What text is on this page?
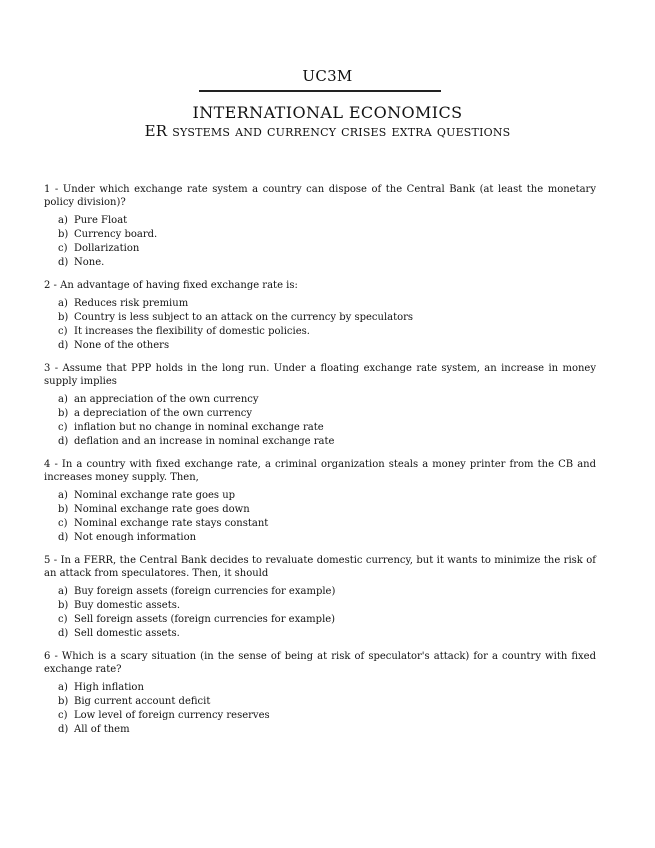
UC3M
INTERNATIONAL ECONOMICS
ER systems and currency crises extra questions

1 - Under which exchange rate system a country can dispose of the Central Bank (at least the monetary policy division)?

a) Pure Float
b) Currency board.
c) Dollarization
d) None.

2 - An advantage of having fixed exchange rate is:

a) Reduces risk premium
b) Country is less subject to an attack on the currency by speculators
c) It increases the flexibility of domestic policies.
d) None of the others

3 - Assume that PPP holds in the long run. Under a floating exchange rate system, an increase in money supply implies

a) an appreciation of the own currency
b) a depreciation of the own currency
c) inflation but no change in nominal exchange rate
d) deflation and an increase in nominal exchange rate

4 - In a country with fixed exchange rate, a criminal organization steals a money printer from the CB and increases money supply. Then,

a) Nominal exchange rate goes up
b) Nominal exchange rate goes down
c) Nominal exchange rate stays constant
d) Not enough information

5 - In a FERR, the Central Bank decides to revaluate domestic currency, but it wants to minimize the risk of an attack from speculatores. Then, it should

a) Buy foreign assets (foreign currencies for example)
b) Buy domestic assets.
c) Sell foreign assets (foreign currencies for example)
d) Sell domestic assets.

6 - Which is a scary situation (in the sense of being at risk of speculator's attack) for a country with fixed exchange rate?

a) High inflation
b) Big current account deficit
c) Low level of foreign currency reserves
d) All of them
